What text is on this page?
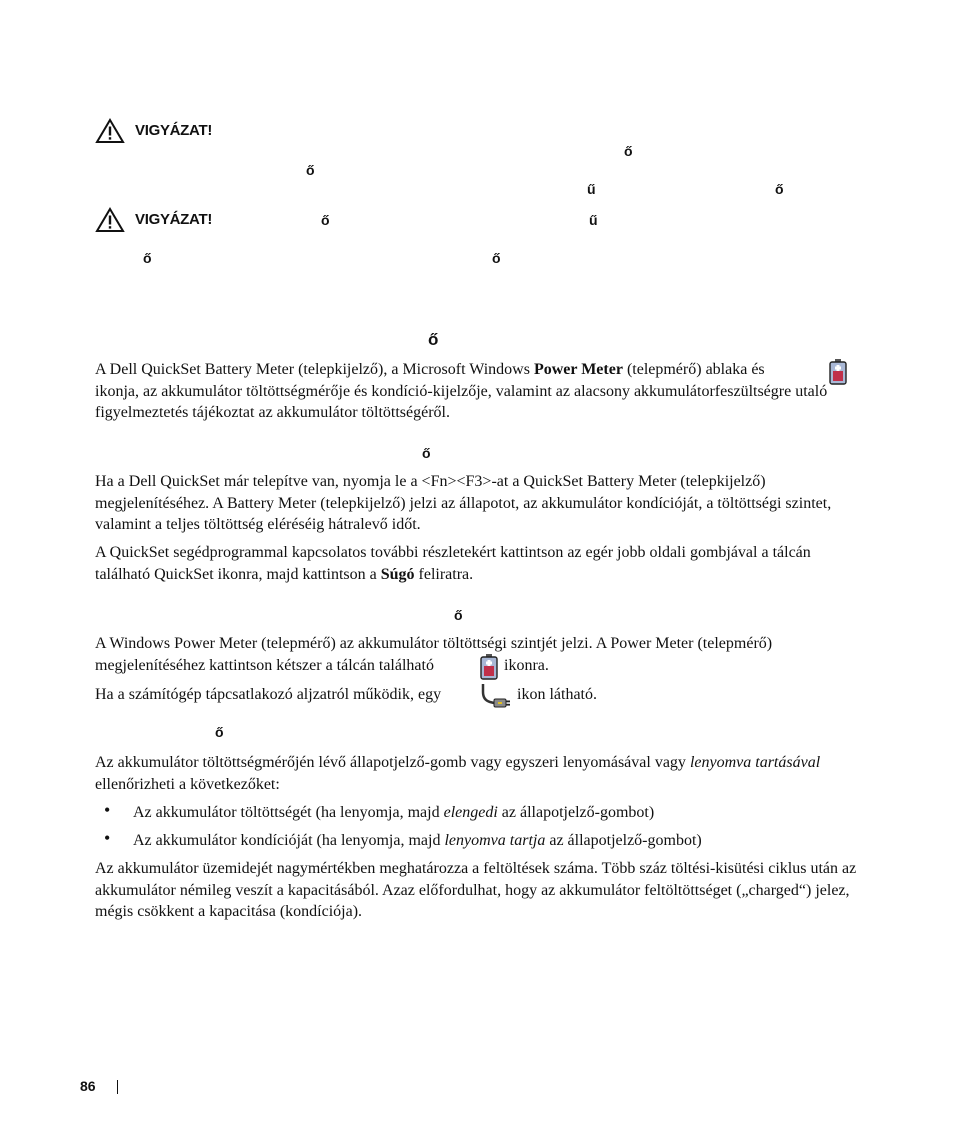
VIGYÁZAT!
ő
ő
ű	ő
VIGYÁZAT!	ő	ű
ő	ő
ő

A Dell QuickSet Battery Meter (telepkijelző), a Microsoft Windows Power Meter (telepmérő) ablaka és
ikonja, az akkumulátor töltöttségmérője és kondíció-kijelzője, valamint az alacsony akkumulátorfeszültségre utaló figyelmeztetés tájékoztat az akkumulátor töltöttségéről.

ő

Ha a Dell QuickSet már telepítve van, nyomja le a <Fn><F3>-at a QuickSet Battery Meter (telepkijelző) megjelenítéséhez. A Battery Meter (telepkijelző) jelzi az állapotot, az akkumulátor kondícióját, a töltöttségi szintet, valamint a teljes töltöttség eléréséig hátralevő időt.

A QuickSet segédprogrammal kapcsolatos további részletekért kattintson az egér jobb oldali gombjával a tálcán található QuickSet ikonra, majd kattintson a Súgó feliratra.

ő
A Windows Power Meter (telepmérő) az akkumulátor töltöttségi szintjét jelzi. A Power Meter (telepmérő)
megjelenítéséhez kattintson kétszer a tálcán található	ikonra.
Ha a számítógép tápcsatlakozó aljzatról működik, egy	ikon látható.
ő

Az akkumulátor töltöttségmérőjén lévő állapotjelző-gomb vagy egyszeri lenyomásával vagy lenyomva tartásával ellenőrizheti a következőket:

• Az akkumulátor töltöttségét (ha lenyomja, majd elengedi az állapotjelző-gombot)
• Az akkumulátor kondícióját (ha lenyomja, majd lenyomva tartja az állapotjelző-gombot)

Az akkumulátor üzemidejét nagymértékben meghatározza a feltöltések száma. Több száz töltési-kisütési ciklus után az akkumulátor némileg veszít a kapacitásából. Azaz előfordulhat, hogy az akkumulátor feltöltöttséget („charged“) jelez, mégis csökkent a kapacitása (kondíciója).

86
